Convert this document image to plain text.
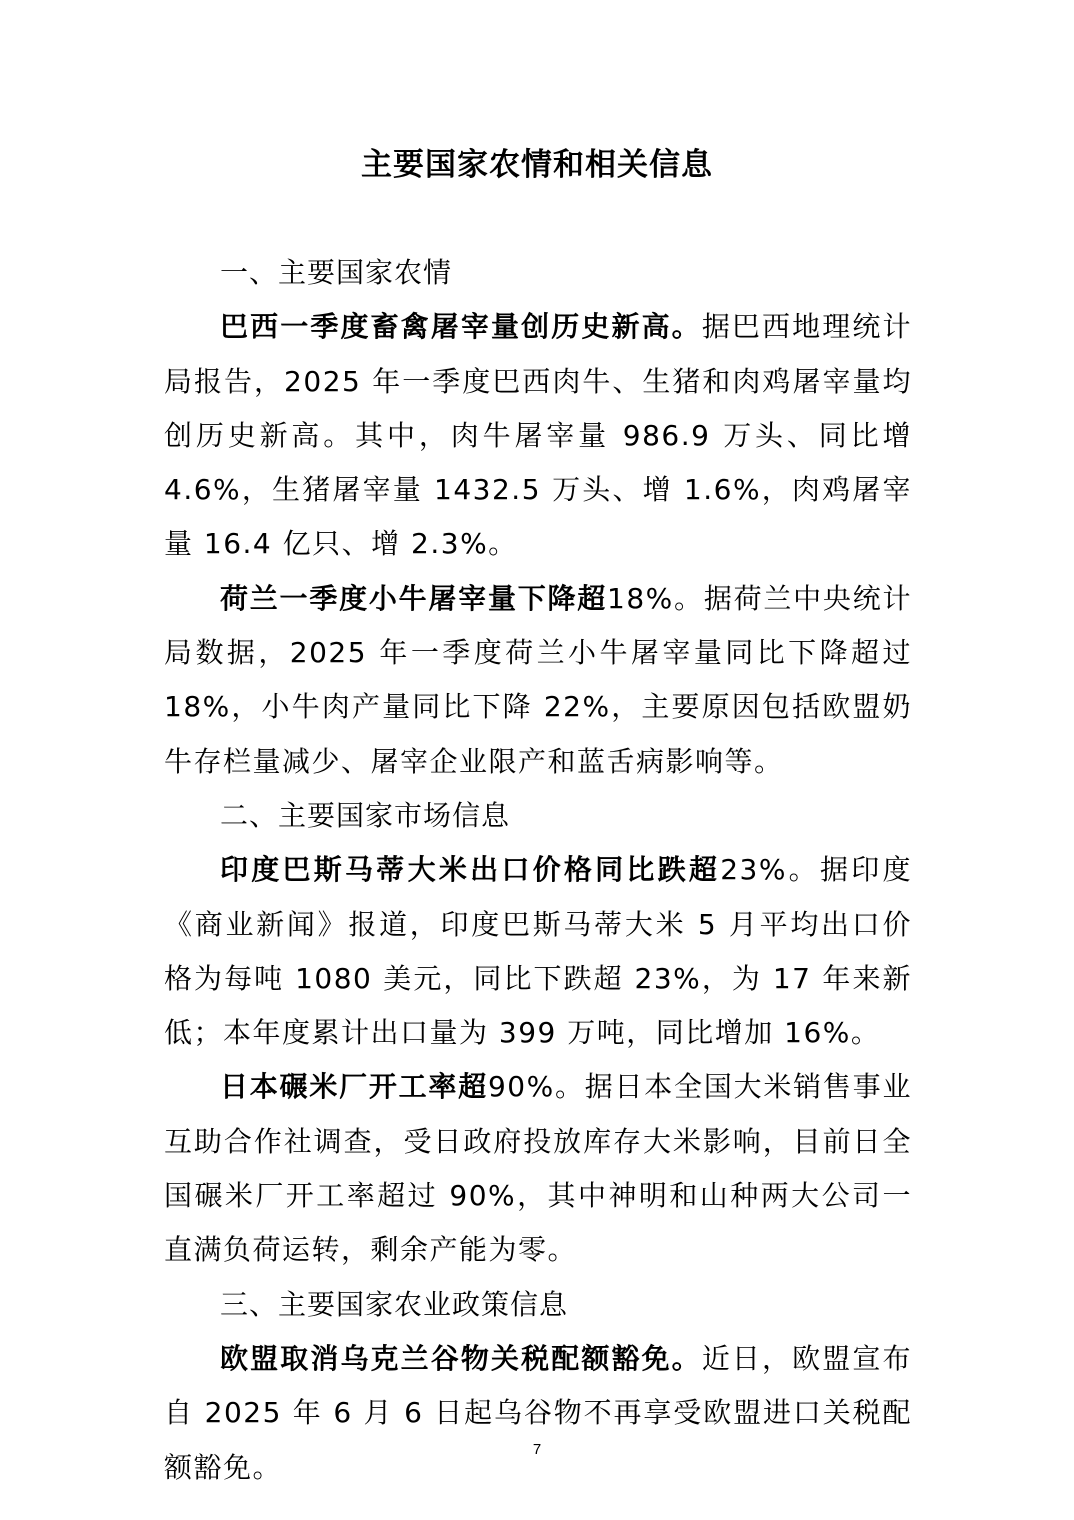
主要国家农情和相关信息

一、主要国家农情

巴西一季度畜禽屠宰量创历史新高。据巴西地理统计局报告，2025 年一季度巴西肉牛、生猪和肉鸡屠宰量均创历史新高。其中，肉牛屠宰量 986.9 万头、同比增 4.6%，生猪屠宰量 1432.5 万头、增 1.6%，肉鸡屠宰量 16.4 亿只、增 2.3%。

荷兰一季度小牛屠宰量下降超18%。据荷兰中央统计局数据，2025 年一季度荷兰小牛屠宰量同比下降超过 18%，小牛肉产量同比下降 22%，主要原因包括欧盟奶牛存栏量减少、屠宰企业限产和蓝舌病影响等。

二、主要国家市场信息

印度巴斯马蒂大米出口价格同比跌超23%。据印度《商业新闻》报道，印度巴斯马蒂大米 5 月平均出口价格为每吨 1080 美元，同比下跌超 23%，为 17 年来新低；本年度累计出口量为 399 万吨，同比增加 16%。

日本碾米厂开工率超90%。据日本全国大米销售事业互助合作社调查，受日政府投放库存大米影响，目前日全国碾米厂开工率超过 90%，其中神明和山种两大公司一直满负荷运转，剩余产能为零。

三、主要国家农业政策信息

欧盟取消乌克兰谷物关税配额豁免。近日，欧盟宣布自 2025 年 6 月 6 日起乌谷物不再享受欧盟进口关税配额豁免。

7
